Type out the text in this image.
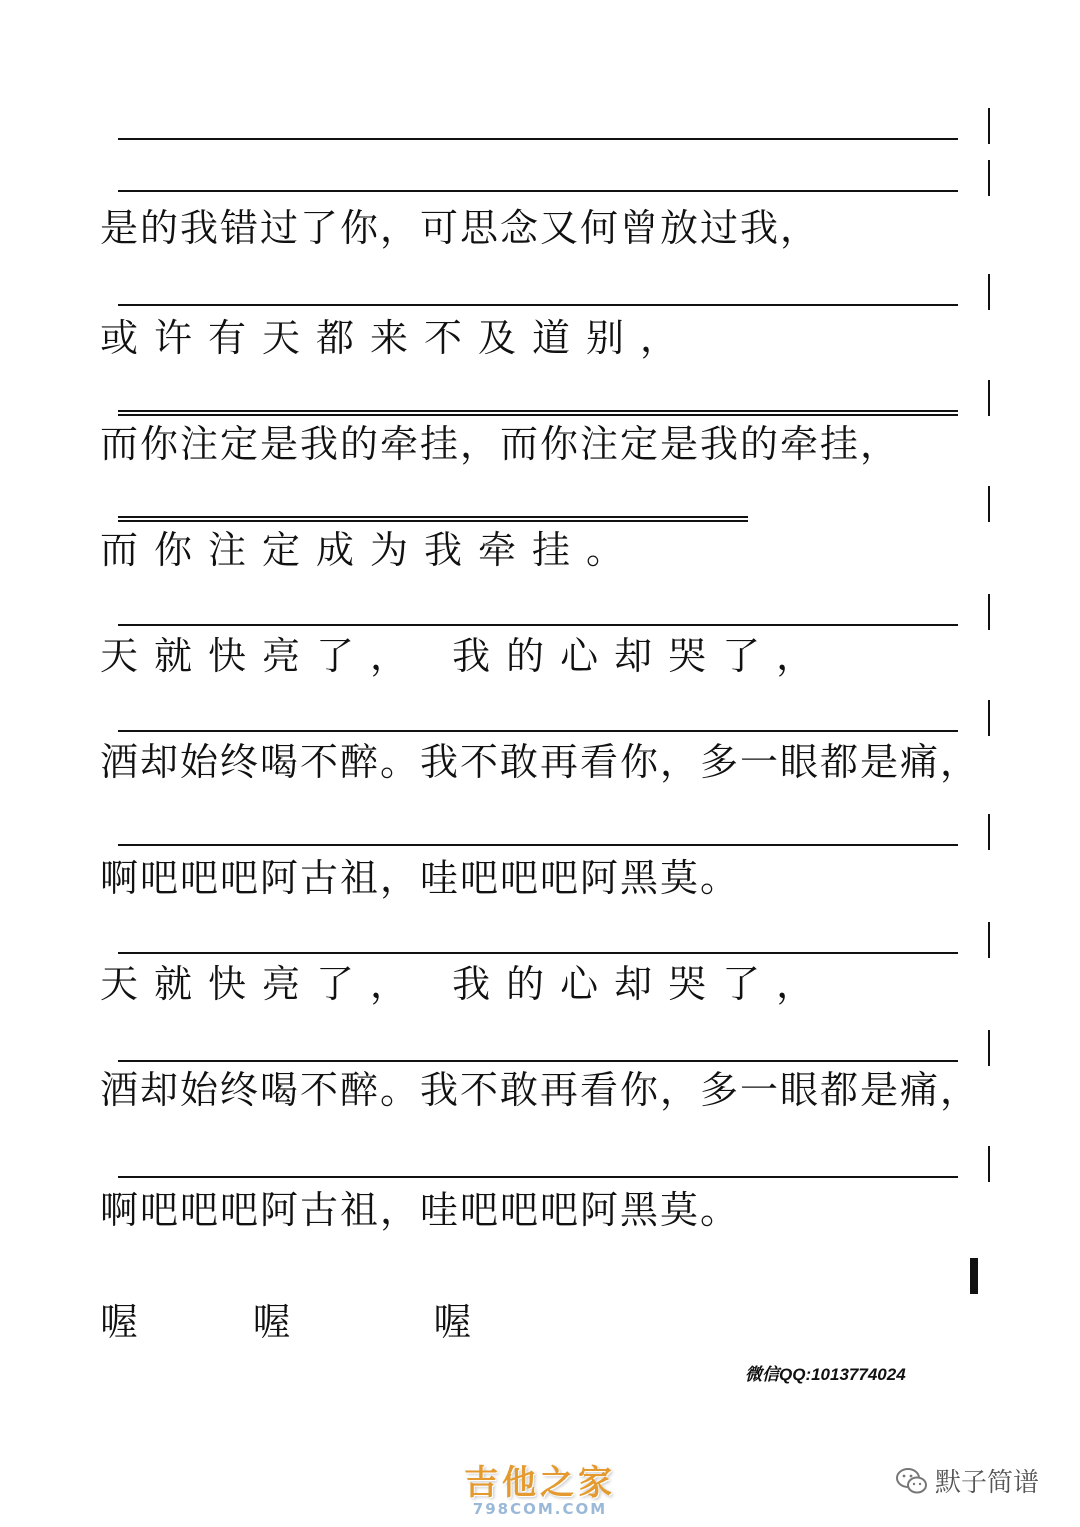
是的我错过了你，可思念又何曾放过我，

或许有天都来不及道别，

而你注定是我的牵挂，而你注定是我的牵挂，

而你注定成为我牵挂。

天就快亮了， 我的心却哭了，

酒却始终喝不醉。我不敢再看你，多一眼都是痛，

啊吧吧吧阿古祖，哇吧吧吧阿黑莫。

天就快亮了， 我的心却哭了，

酒却始终喝不醉。我不敢再看你，多一眼都是痛，

啊吧吧吧阿古祖，哇吧吧吧阿黑莫。

喔        喔          喔
微信QQ:1013774024
吉他之家
798COM.COM
默子简谱
